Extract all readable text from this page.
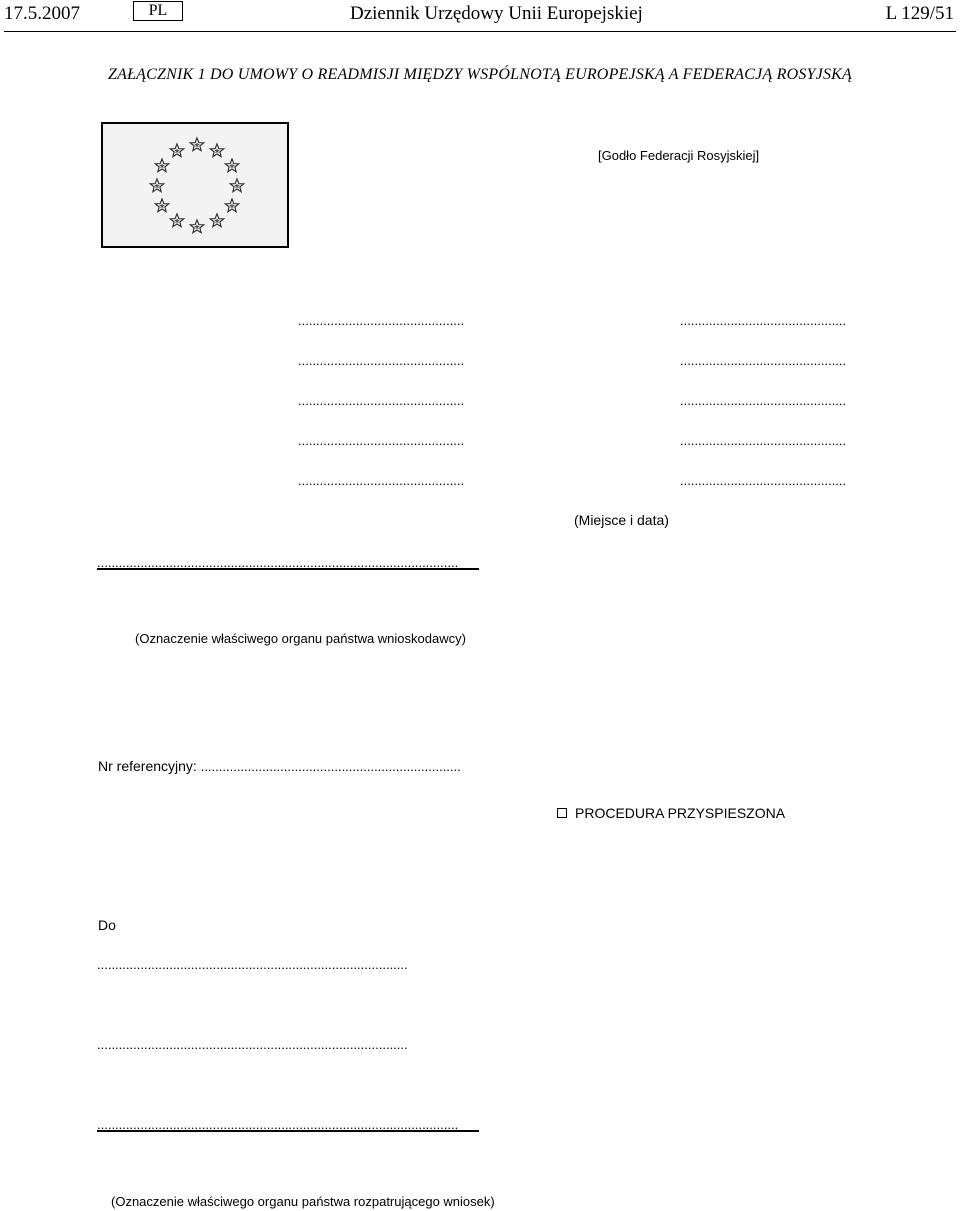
17.5.2007	PL	Dziennik Urzędowy Unii Europejskiej	L 129/51
ZAŁĄCZNIK 1 DO UMOWY O READMISJI MIĘDZY WSPÓLNOTĄ EUROPEJSKĄ A FEDERACJĄ ROSYJSKĄ
[Godło Federacji Rosyjskiej]
..............................................
..............................................
..............................................
..............................................
..............................................
..............................................
..............................................
..............................................
..............................................
..............................................
(Miejsce i data)
....................................................................................................
(Oznaczenie właściwego organu państwa wnioskodawcy)
Nr referencyjny: ........................................................................
PROCEDURA PRZYSPIESZONA
Do
......................................................................................
......................................................................................
....................................................................................................
(Oznaczenie właściwego organu państwa rozpatrującego wniosek)
